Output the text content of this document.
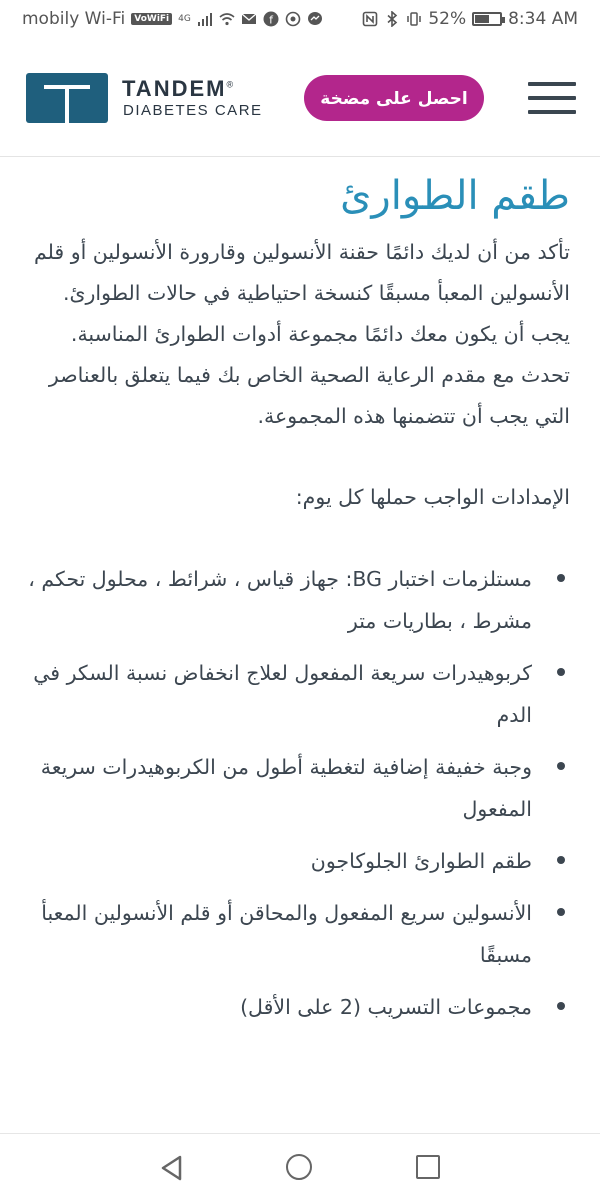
mobily Wi-Fi	VoWiFi	4G	f	52% 8:34 AM
TANDEM®
DIABETES CARE
احصل على مضخة
طقم الطوارئ

تأكد من أن لديك دائمًا حقنة الأنسولين وقارورة الأنسولين أو قلم الأنسولين المعبأ مسبقًا كنسخة احتياطية في حالات الطوارئ. يجب أن يكون معك دائمًا مجموعة أدوات الطوارئ المناسبة. تحدث مع مقدم الرعاية الصحية الخاص بك فيما يتعلق بالعناصر التي يجب أن تتضمنها هذه المجموعة.

الإمدادات الواجب حملها كل يوم:

مستلزمات اختبار BG: جهاز قياس ، شرائط ، محلول تحكم ، مشرط ، بطاريات متر
كربوهيدرات سريعة المفعول لعلاج انخفاض نسبة السكر في الدم
وجبة خفيفة إضافية لتغطية أطول من الكربوهيدرات سريعة المفعول
طقم الطوارئ الجلوكاجون
الأنسولين سريع المفعول والمحاقن أو قلم الأنسولين المعبأ مسبقًا
مجموعات التسريب (2 على الأقل)
